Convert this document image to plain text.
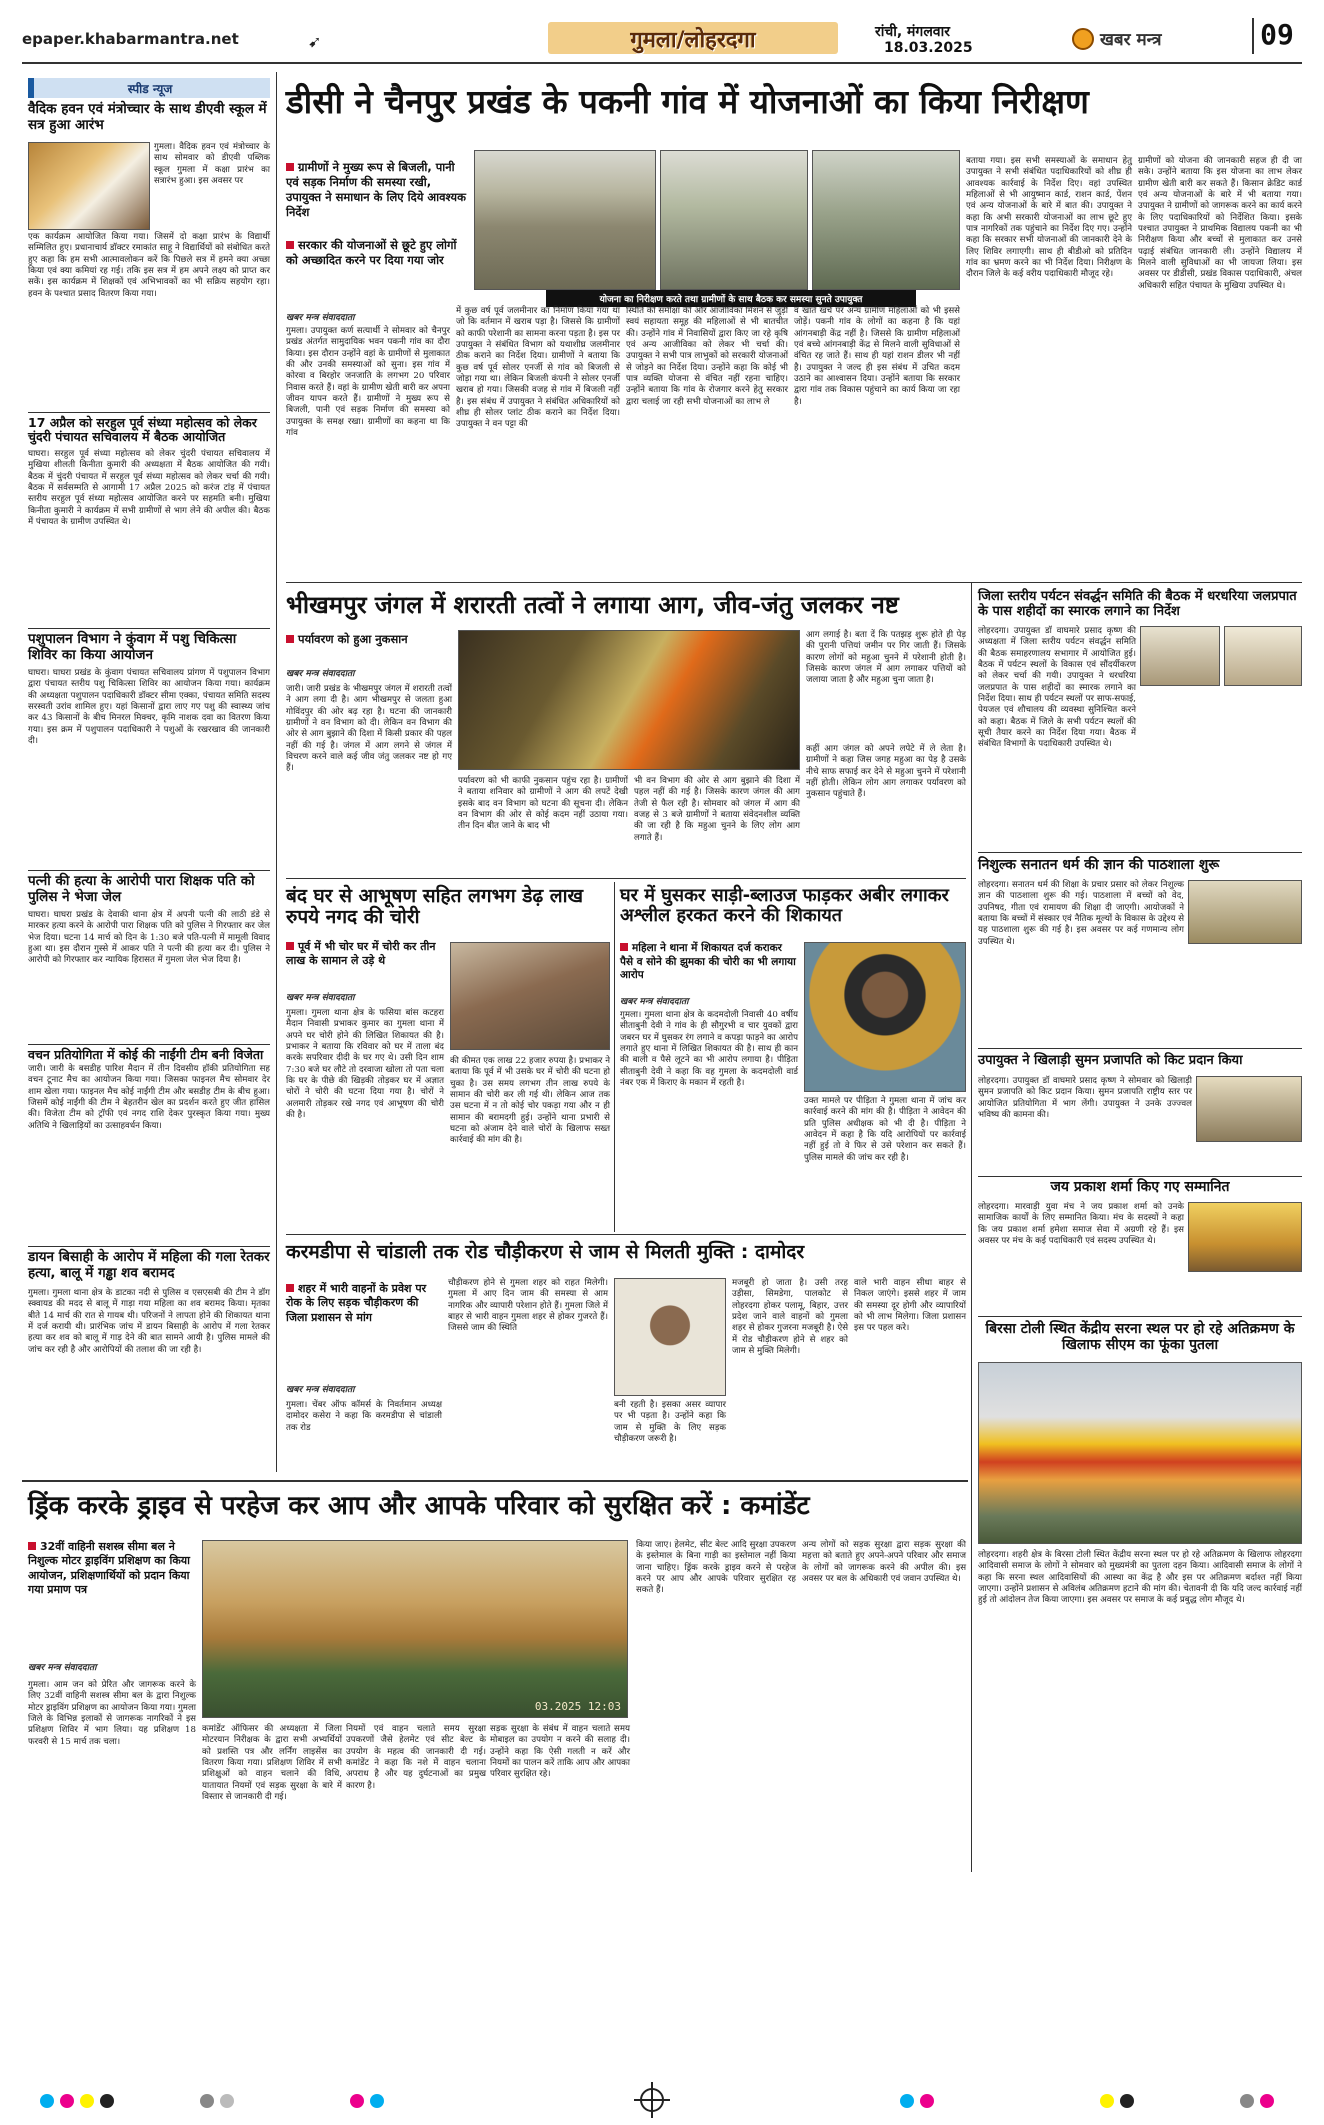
epaper.khabarmantra.net	➹	गुमला/लोहरदगा	रांची, मंगलवार
18.03.2025	खबर मन्त्र	09
स्पीड न्यूज
वैदिक हवन एवं मंत्रोच्चार के साथ डीएवी स्कूल में सत्र हुआ आरंभ
गुमला। वैदिक हवन एवं मंत्रोच्चार के साथ सोमवार को डीएवी पब्लिक स्कूल गुमला में कक्षा प्रारंभ का सत्रारंभ हुआ। इस अवसर पर
एक कार्यक्रम आयोजित किया गया। जिसमें दो कक्षा प्रारंभ के विद्यार्थी सम्मिलित हुए। प्रधानाचार्य डॉक्टर रमाकांत साहू ने विद्यार्थियों को संबोधित करते हुए कहा कि हम सभी आत्मावलोकन करें कि पिछले सत्र में हमने क्या अच्छा किया एवं क्या कमियां रह गई। तकि इस सत्र में हम अपने लक्ष्य को प्राप्त कर सकें। इस कार्यक्रम में शिक्षकों एवं अभिभावकों का भी सक्रिय सहयोग रहा। हवन के पश्चात प्रसाद वितरण किया गया।
17 अप्रैल को सरहुल पूर्व संध्या महोत्सव को लेकर चुंदरी पंचायत सचिवालय में बैठक आयोजित
घाघरा। सरहुल पूर्व संध्या महोत्सव को लेकर चुंदरी पंचायत सचिवालय में मुखिया शीलती किनीता कुमारी की अध्यक्षता में बैठक आयोजित की गयी। बैठक में चुंदरी पंचायत में सरहुल पूर्व संध्या महोत्सव को लेकर चर्चा की गयी। बैठक में सर्वसम्मति से आगामी 17 अप्रैल 2025 को करंज टांड़ में पंचायत स्तरीय सरहुल पूर्व संध्या महोत्सव आयोजित करने पर सहमति बनी। मुखिया किनीता कुमारी ने कार्यक्रम में सभी ग्रामीणों से भाग लेने की अपील की। बैठक में पंचायत के ग्रामीण उपस्थित थे।
पशुपालन विभाग ने कुंवाग में पशु चिकित्सा शिविर का किया आयोजन
घाघरा। घाघरा प्रखंड के कुंवाग पंचायत सचिवालय प्रांगण में पशुपालन विभाग द्वारा पंचायत स्तरीय पशु चिकित्सा शिविर का आयोजन किया गया। कार्यक्रम की अध्यक्षता पशुपालन पदाधिकारी डॉक्टर सीमा एक्का, पंचायत समिति सदस्य सरस्वती उरांव शामिल हुए। यहां किसानों द्वारा लाए गए पशु की स्वास्थ्य जांच कर 43 किसानों के बीच मिनरल मिक्चर, कृमि नाशक दवा का वितरण किया गया। इस क्रम में पशुपालन पदाधिकारी ने पशुओं के रखरखाव की जानकारी दी।
पत्नी की हत्या के आरोपी पारा शिक्षक पति को पुलिस ने भेजा जेल
घाघरा। घाघरा प्रखंड के देवाकी थाना क्षेत्र में अपनी पत्नी की लाठी डंडे से मारकर हत्या करने के आरोपी पारा शिक्षक पति को पुलिस ने गिरफ्तार कर जेल भेज दिया। घटना 14 मार्च को दिन के 1:30 बजे पति-पत्नी में मामूली विवाद हुआ था। इस दौरान गुस्से में आकर पति ने पत्नी की हत्या कर दी। पुलिस ने आरोपी को गिरफ्तार कर न्यायिक हिरासत में गुमला जेल भेज दिया है।
वचन प्रतियोगिता में कोई की नाईंगी टीम बनी विजेता
जारी। जारी के बसडीह पारिश मैदान में तीन दिवसीय हॉकी प्रतियोगिता सह वचन टूनाट मैच का आयोजन किया गया। जिसका फाइनल मैच सोमवार देर शाम खेला गया। फाइनल मैच कोई नाईंगी टीम और बसडीह टीम के बीच हुआ। जिसमें कोई नाईंगी की टीम ने बेहतरीन खेल का प्रदर्शन करते हुए जीत हासिल की। विजेता टीम को ट्रॉफी एवं नगद राशि देकर पुरस्कृत किया गया। मुख्य अतिथि ने खिलाड़ियों का उत्साहवर्धन किया।
डायन बिसाही के आरोप में महिला की गला रेतकर हत्या, बालू में गड्ढा शव बरामद
गुमला। गुमला थाना क्षेत्र के डाटका नदी से पुलिस व एसएसबी की टीम ने डॉग स्क्वायड की मदद से बालू में गाड़ा गया महिला का शव बरामद किया। मृतका बीते 14 मार्च की रात से गायब थी। परिजनों ने लापता होने की शिकायत थाना में दर्ज करायी थी। प्रारंभिक जांच में डायन बिसाही के आरोप में गला रेतकर हत्या कर शव को बालू में गाड़ देने की बात सामने आयी है। पुलिस मामले की जांच कर रही है और आरोपियों की तलाश की जा रही है।
डीसी ने चैनपुर प्रखंड के पकनी गांव में योजनाओं का किया निरीक्षण
ग्रामीणों ने मुख्य रूप से बिजली, पानी एवं सड़क निर्माण की समस्या रखी, उपायुक्त ने समाधान के लिए दिये आवश्यक निर्देश
सरकार की योजनाओं से छूटे हुए लोगों को अच्छादित करने पर दिया गया जोर
खबर मन्त्र संवाददाता
योजना का निरीक्षण करते तथा ग्रामीणों के साथ बैठक कर समस्या सुनते उपायुक्त
गुमला। उपायुक्त कर्ण सत्यार्थी ने सोमवार को चैनपुर प्रखंड अंतर्गत सामुदायिक भवन पकनी गांव का दौरा किया। इस दौरान उन्होंने वहां के ग्रामीणों से मुलाकात की और उनकी समस्याओं को सुना। इस गांव में कोरवा व बिरहोर जनजाति के लगभग 20 परिवार निवास करते हैं। वहां के ग्रामीण खेती बारी कर अपना जीवन यापन करते हैं। ग्रामीणों ने मुख्य रूप से बिजली, पानी एवं सड़क निर्माण की समस्या को उपायुक्त के समक्ष रखा। ग्रामीणों का कहना था कि गांव
में कुछ वर्ष पूर्व जलमीनार का निर्माण किया गया था जो कि वर्तमान में खराब पड़ा है। जिससे कि ग्रामीणों को काफी परेशानी का सामना करना पड़ता है। इस पर उपायुक्त ने संबंधित विभाग को यथाशीघ्र जलमीनार ठीक कराने का निर्देश दिया। ग्रामीणों ने बताया कि कुछ वर्ष पूर्व सोलर एनर्जी से गांव को बिजली से जोड़ा गया था। लेकिन बिजली कंपनी ने सोलर एनर्जी खराब हो गया। जिसकी वजह से गांव में बिजली नहीं है। इस संबंध में उपायुक्त ने संबंधित अधिकारियों को शीघ्र ही सोलर प्लांट ठीक कराने का निर्देश दिया। उपायुक्त ने वन पट्टा की
स्थिति की समीक्षा की और आजीविका मिशन से जुड़ी स्वयं सहायता समूह की महिलाओं से भी बातचीत की। उन्होंने गांव में निवासियों द्वारा किए जा रहे कृषि एवं अन्य आजीविका को लेकर भी चर्चा की। उपायुक्त ने सभी पात्र लाभुकों को सरकारी योजनाओं से जोड़ने का निर्देश दिया। उन्होंने कहा कि कोई भी पात्र व्यक्ति योजना से वंचित नहीं रहना चाहिए। उन्होंने बताया कि गांव के रोजगार करने हेतु सरकार द्वारा चलाई जा रही सभी योजनाओं का लाभ ले
व खाते खर्च पर अन्य ग्रामीण महिलाओं को भी इससे जोड़ें। पकनी गांव के लोगों का कहना है कि यहां आंगनबाड़ी केंद्र नहीं है। जिससे कि ग्रामीण महिलाओं एवं बच्चे आंगनबाड़ी केंद्र से मिलने वाली सुविधाओं से वंचित रह जाते हैं। साथ ही यहां राशन डीलर भी नहीं है। उपायुक्त ने जल्द ही इस संबंध में उचित कदम उठाने का आश्वासन दिया। उन्होंने बताया कि सरकार द्वारा गांव तक विकास पहुंचाने का कार्य किया जा रहा है।
बताया गया। इस सभी समस्याओं के समाधान हेतु उपायुक्त ने सभी संबंधित पदाधिकारियों को शीघ्र ही आवश्यक कार्रवाई के निर्देश दिए। वहां उपस्थित महिलाओं से भी आयुष्मान कार्ड, राशन कार्ड, पेंशन एवं अन्य योजनाओं के बारे में बात की। उपायुक्त ने कहा कि अभी सरकारी योजनाओं का लाभ छूटे हुए पात्र नागरिकों तक पहुंचाने का निर्देश दिए गए। उन्होंने कहा कि सरकार सभी योजनाओं की जानकारी देने के लिए शिविर लगाएगी। साथ ही बीडीओ को प्रतिदिन गांव का भ्रमण करने का भी निर्देश दिया। निरीक्षण के दौरान जिले के कई वरीय पदाधिकारी मौजूद रहे।
ग्रामीणों को योजना की जानकारी सहज ही दी जा सके। उन्होंने बताया कि इस योजना का लाभ लेकर ग्रामीण खेती बारी कर सकते हैं। किसान क्रेडिट कार्ड एवं अन्य योजनाओं के बारे में भी बताया गया। उपायुक्त ने ग्रामीणों को जागरूक करने का कार्य करने के लिए पदाधिकारियों को निर्देशित किया। इसके पश्चात उपायुक्त ने प्राथमिक विद्यालय पकनी का भी निरीक्षण किया और बच्चों से मुलाकात कर उनसे पढ़ाई संबंधित जानकारी ली। उन्होंने विद्यालय में मिलने वाली सुविधाओं का भी जायजा लिया। इस अवसर पर डीडीसी, प्रखंड विकास पदाधिकारी, अंचल अधिकारी सहित पंचायत के मुखिया उपस्थित थे।
भीखमपुर जंगल में शरारती तत्वों ने लगाया आग, जीव-जंतु जलकर नष्ट
पर्यावरण को हुआ नुकसान
खबर मन्त्र संवाददाता
जारी। जारी प्रखंड के भीखमपुर जंगल में शरारती तत्वों ने आग लगा दी है। आग भीखमपुर से जलता हुआ गोविंदपुर की ओर बढ़ रहा है। घटना की जानकारी ग्रामीणों ने वन विभाग को दी। लेकिन वन विभाग की ओर से आग बुझाने की दिशा में किसी प्रकार की पहल नहीं की गई है। जंगल में आग लगने से जंगल में विचरण करने वाले कई जीव जंतु जलकर नष्ट हो गए हैं।
पर्यावरण को भी काफी नुकसान पहुंच रहा है। ग्रामीणों ने बताया शनिवार को ग्रामीणों ने आग की लपटें देखी इसके बाद वन विभाग को घटना की सूचना दी। लेकिन वन विभाग की ओर से कोई कदम नहीं उठाया गया। तीन दिन बीत जाने के बाद भी
भी वन विभाग की ओर से आग बुझाने की दिशा में पहल नहीं की गई है। जिसके कारण जंगल की आग तेजी से फैल रही है। सोमवार को जंगल में आग की वजह से 3 बजे ग्रामीणों ने बताया संवेदनशील व्यक्ति की जा रही है कि महुआ चुनने के लिए लोग आग लगाते हैं।
आग लगाई है। बता दें कि पतझड़ शुरू होते ही पेड़ की पुरानी पत्तियां जमीन पर गिर जाती हैं। जिसके कारण लोगों को महुआ चुनने में परेशानी होती है। जिसके कारण जंगल में आग लगाकर पत्तियों को जलाया जाता है और महुआ चुना जाता है।
कहीं आग जंगल को अपने लपेटे में ले लेता है। ग्रामीणों ने कहा जिस जगह महुआ का पेड़ है उसके नीचे साफ सफाई कर देने से महुआ चुनने में परेशानी नहीं होती। लेकिन लोग आग लगाकर पर्यावरण को नुकसान पहुंचाते हैं।
बंद घर से आभूषण सहित लगभग डेढ़ लाख रुपये नगद की चोरी
पूर्व में भी चोर घर में चोरी कर तीन लाख के सामान ले उड़े थे
खबर मन्त्र संवाददाता
गुमला। गुमला थाना क्षेत्र के फसिया बांस कटहरा मैदान निवासी प्रभाकर कुमार का गुमला थाना में अपने घर चोरी होने की लिखित शिकायत की है। प्रभाकर ने बताया कि रविवार को घर में ताला बंद करके सपरिवार दीदी के घर गए थे। उसी दिन शाम 7:30 बजे घर लौटे तो दरवाजा खोला तो पता चला कि घर के पीछे की खिड़की तोड़कर घर में अज्ञात चोरों ने चोरी की घटना दिया गया है। चोरों ने अलमारी तोड़कर रखे नगद एवं आभूषण की चोरी की है।
की कीमत एक लाख 22 हजार रुपया है। प्रभाकर ने बताया कि पूर्व में भी उसके घर में चोरी की घटना हो चुका है। उस समय लगभग तीन लाख रुपये के सामान की चोरी कर ली गई थी। लेकिन आज तक उस घटना में न तो कोई चोर पकड़ा गया और न ही सामान की बरामदगी हुई। उन्होंने थाना प्रभारी से घटना को अंजाम देने वाले चोरों के खिलाफ सख्त कार्रवाई की मांग की है।
घर में घुसकर साड़ी-ब्लाउज फाड़कर अबीर लगाकर अश्लील हरकत करने की शिकायत
महिला ने थाना में शिकायत दर्ज कराकर पैसे व सोने की झुमका की चोरी का भी लगाया आरोप
खबर मन्त्र संवाददाता
गुमला। गुमला थाना क्षेत्र के कदमदोली निवासी 40 वर्षीय सीताबुनी देवी ने गांव के ही सौगुरभी व चार युवकों द्वारा जबरन घर में घुसकर रंग लगाने व कपड़ा फाड़ने का आरोप लगाते हुए थाना में लिखित शिकायत की है। साथ ही कान की बाली व पैसे लूटने का भी आरोप लगाया है। पीड़िता सीताबुनी देवी ने कहा कि वह गुमला के कदमदोली वार्ड नंबर एक में किराए के मकान में रहती है।
उक्त मामले पर पीड़िता ने गुमला थाना में जांच कर कार्रवाई करने की मांग की है। पीड़िता ने आवेदन की प्रति पुलिस अधीक्षक को भी दी है। पीड़िता ने आवेदन में कहा है कि यदि आरोपियों पर कार्रवाई नहीं हुई तो वे फिर से उसे परेशान कर सकते हैं। पुलिस मामले की जांच कर रही है।
करमडीपा से चांडाली तक रोड चौड़ीकरण से जाम से मिलती मुक्ति : दामोदर
शहर में भारी वाहनों के प्रवेश पर रोक के लिए सड़क चौड़ीकरण की जिला प्रशासन से मांग
खबर मन्त्र संवाददाता
गुमला। चेंबर ऑफ कॉमर्स के निवर्तमान अध्यक्ष दामोदर कसेरा ने कहा कि करमडीपा से चांडाली तक रोड
चौड़ीकरण होने से गुमला शहर को राहत मिलेगी। गुमला में आए दिन जाम की समस्या से आम नागरिक और व्यापारी परेशान होते हैं। गुमला जिले में बाहर से भारी वाहन गुमला शहर से होकर गुजरते हैं। जिससे जाम की स्थिति
बनी रहती है। इसका असर व्यापार पर भी पड़ता है। उन्होंने कहा कि जाम से मुक्ति के लिए सड़क चौड़ीकरण जरूरी है।
मजबूरी हो जाता है। उसी तरह उड़ीसा, सिमडेगा, पालकोट से लोहरदगा होकर पलामू, बिहार, उत्तर प्रदेश जाने वाले वाहनों को गुमला शहर से होकर गुजरना मजबूरी है। ऐसे में रोड चौड़ीकरण होने से शहर को जाम से मुक्ति मिलेगी।
वाले भारी वाहन सीधा बाहर से निकल जाएंगे। इससे शहर में जाम की समस्या दूर होगी और व्यापारियों को भी लाभ मिलेगा। जिला प्रशासन इस पर पहल करे।
ड्रिंक करके ड्राइव से परहेज कर आप और आपके परिवार को सुरक्षित करें : कमांडेंट
32वीं वाहिनी सशस्त्र सीमा बल ने निशुल्क मोटर ड्राइविंग प्रशिक्षण का किया आयोजन, प्रशिक्षणार्थियों को प्रदान किया गया प्रमाण पत्र
खबर मन्त्र संवाददाता
03.2025 12:03
गुमला। आम जन को प्रेरित और जागरूक करने के लिए 32वीं वाहिनी सशस्त्र सीमा बल के द्वारा निशुल्क मोटर ड्राइविंग प्रशिक्षण का आयोजन किया गया। गुमला जिले के विभिन्न इलाकों से जागरूक नागरिकों ने इस प्रशिक्षण शिविर में भाग लिया। यह प्रशिक्षण 18 फरवरी से 15 मार्च तक चला।
कमांडेंट ऑफिसर की अध्यक्षता में जिला मोटरयान निरीक्षक के द्वारा सभी अभ्यर्थियों को प्रशस्ति पत्र और लर्निंग लाइसेंस का वितरण किया गया। प्रशिक्षण शिविर में सभी प्रशिक्षुओं को वाहन चलाने की विधि, यातायात नियमों एवं सड़क सुरक्षा के बारे में विस्तार से जानकारी दी गई।
नियमों एवं वाहन चलाते समय सुरक्षा उपकरणों जैसे हेलमेट एवं सीट बेल्ट के उपयोग के महत्व की जानकारी दी गई। कमांडेंट ने कहा कि नशे में वाहन चलाना अपराध है और यह दुर्घटनाओं का प्रमुख कारण है।
सड़क सुरक्षा के संबंध में वाहन चलाते समय मोबाइल का उपयोग न करने की सलाह दी। उन्होंने कहा कि ऐसी गलती न करें और नियमों का पालन करें ताकि आप और आपका परिवार सुरक्षित रहे।
किया जाए। हेलमेट, सीट बेल्ट आदि सुरक्षा उपकरण के इस्तेमाल के बिना गाड़ी का इस्तेमाल नहीं किया जाना चाहिए। ड्रिंक करके ड्राइव करने से परहेज करने पर आप और आपके परिवार सुरक्षित रह सकते हैं।
अन्य लोगों को सड़क सुरक्षा द्वारा सड़क सुरक्षा की महत्ता को बताते हुए अपने-अपने परिवार और समाज के लोगों को जागरूक करने की अपील की। इस अवसर पर बल के अधिकारी एवं जवान उपस्थित थे।
जिला स्तरीय पर्यटन संवर्द्धन समिति की बैठक में धरधरिया जलप्रपात के पास शहीदों का स्मारक लगाने का निर्देश
लोहरदगा। उपायुक्त डॉ वाघमारे प्रसाद कृष्ण की अध्यक्षता में जिला स्तरीय पर्यटन संवर्द्धन समिति की बैठक समाहरणालय सभागार में आयोजित हुई। बैठक में पर्यटन स्थलों के विकास एवं सौंदर्यीकरण को लेकर चर्चा की गयी। उपायुक्त ने धरधरिया जलप्रपात के पास शहीदों का स्मारक लगाने का निर्देश दिया। साथ ही पर्यटन स्थलों पर साफ-सफाई, पेयजल एवं शौचालय की व्यवस्था सुनिश्चित करने को कहा। बैठक में जिले के सभी पर्यटन स्थलों की सूची तैयार करने का निर्देश दिया गया। बैठक में संबंधित विभागों के पदाधिकारी उपस्थित थे।
निशुल्क सनातन धर्म की ज्ञान की पाठशाला शुरू
लोहरदगा। सनातन धर्म की शिक्षा के प्रचार प्रसार को लेकर निशुल्क ज्ञान की पाठशाला शुरू की गई। पाठशाला में बच्चों को वेद, उपनिषद, गीता एवं रामायण की शिक्षा दी जाएगी। आयोजकों ने बताया कि बच्चों में संस्कार एवं नैतिक मूल्यों के विकास के उद्देश्य से यह पाठशाला शुरू की गई है। इस अवसर पर कई गणमान्य लोग उपस्थित थे।
उपायुक्त ने खिलाड़ी सुमन प्रजापति को किट प्रदान किया
लोहरदगा। उपायुक्त डॉ वाघमारे प्रसाद कृष्ण ने सोमवार को खिलाड़ी सुमन प्रजापति को किट प्रदान किया। सुमन प्रजापति राष्ट्रीय स्तर पर आयोजित प्रतियोगिता में भाग लेंगी। उपायुक्त ने उनके उज्ज्वल भविष्य की कामना की।
जय प्रकाश शर्मा किए गए सम्मानित
लोहरदगा। मारवाड़ी युवा मंच ने जय प्रकाश शर्मा को उनके सामाजिक कार्यों के लिए सम्मानित किया। मंच के सदस्यों ने कहा कि जय प्रकाश शर्मा हमेशा समाज सेवा में अग्रणी रहे हैं। इस अवसर पर मंच के कई पदाधिकारी एवं सदस्य उपस्थित थे।
बिरसा टोली स्थित केंद्रीय सरना स्थल पर हो रहे अतिक्रमण के खिलाफ सीएम का फूंका पुतला
लोहरदगा। शहरी क्षेत्र के बिरसा टोली स्थित केंद्रीय सरना स्थल पर हो रहे अतिक्रमण के खिलाफ लोहरदगा आदिवासी समाज के लोगों ने सोमवार को मुख्यमंत्री का पुतला दहन किया। आदिवासी समाज के लोगों ने कहा कि सरना स्थल आदिवासियों की आस्था का केंद्र है और इस पर अतिक्रमण बर्दाश्त नहीं किया जाएगा। उन्होंने प्रशासन से अविलंब अतिक्रमण हटाने की मांग की। चेतावनी दी कि यदि जल्द कार्रवाई नहीं हुई तो आंदोलन तेज किया जाएगा। इस अवसर पर समाज के कई प्रबुद्ध लोग मौजूद थे।
